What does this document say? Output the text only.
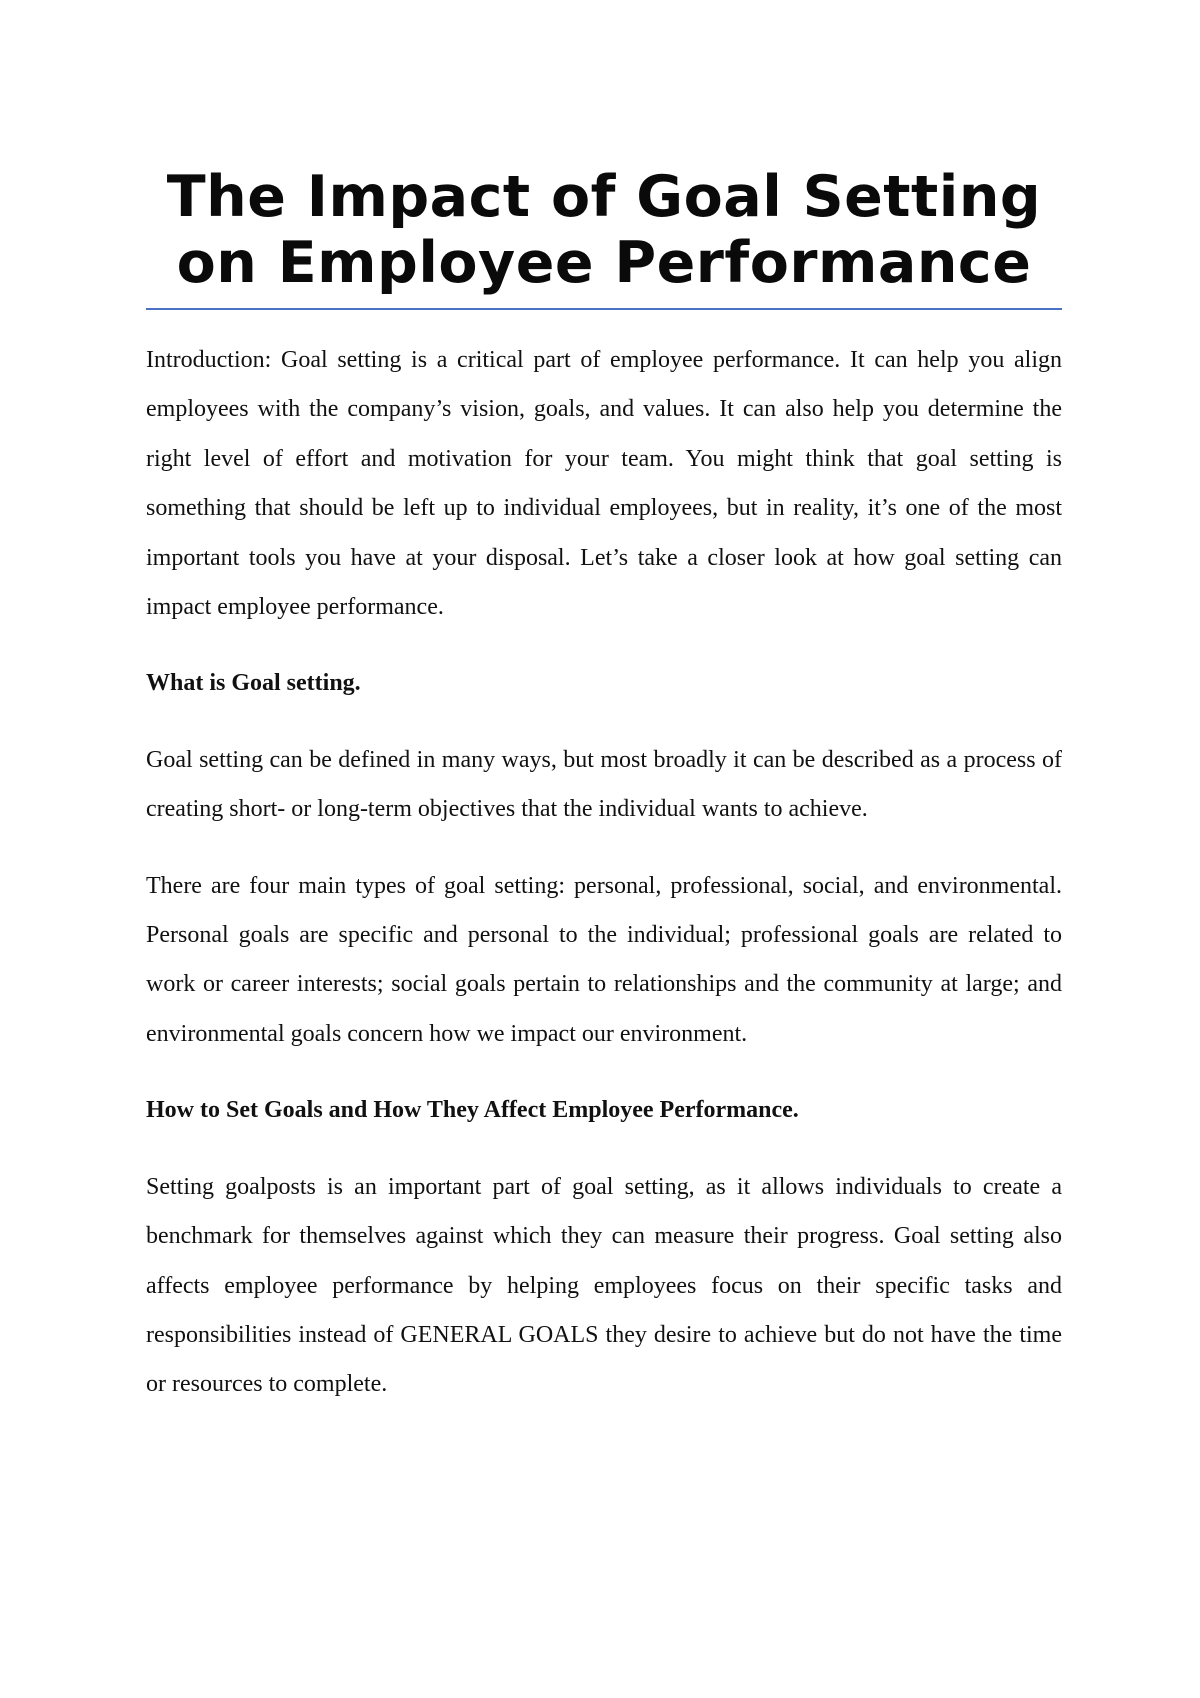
The Impact of Goal Setting on Employee Performance

Introduction: Goal setting is a critical part of employee performance. It can help you align employees with the company’s vision, goals, and values. It can also help you determine the right level of effort and motivation for your team. You might think that goal setting is something that should be left up to individual employees, but in reality, it’s one of the most important tools you have at your disposal. Let’s take a closer look at how goal setting can impact employee performance.

What is Goal setting.

Goal setting can be defined in many ways, but most broadly it can be described as a process of creating short- or long-term objectives that the individual wants to achieve.

There are four main types of goal setting: personal, professional, social, and environmental. Personal goals are specific and personal to the individual; professional goals are related to work or career interests; social goals pertain to relationships and the community at large; and environmental goals concern how we impact our environment.

How to Set Goals and How They Affect Employee Performance.

Setting goalposts is an important part of goal setting, as it allows individuals to create a benchmark for themselves against which they can measure their progress. Goal setting also affects employee performance by helping employees focus on their specific tasks and responsibilities instead of GENERAL GOALS they desire to achieve but do not have the time or resources to complete.
